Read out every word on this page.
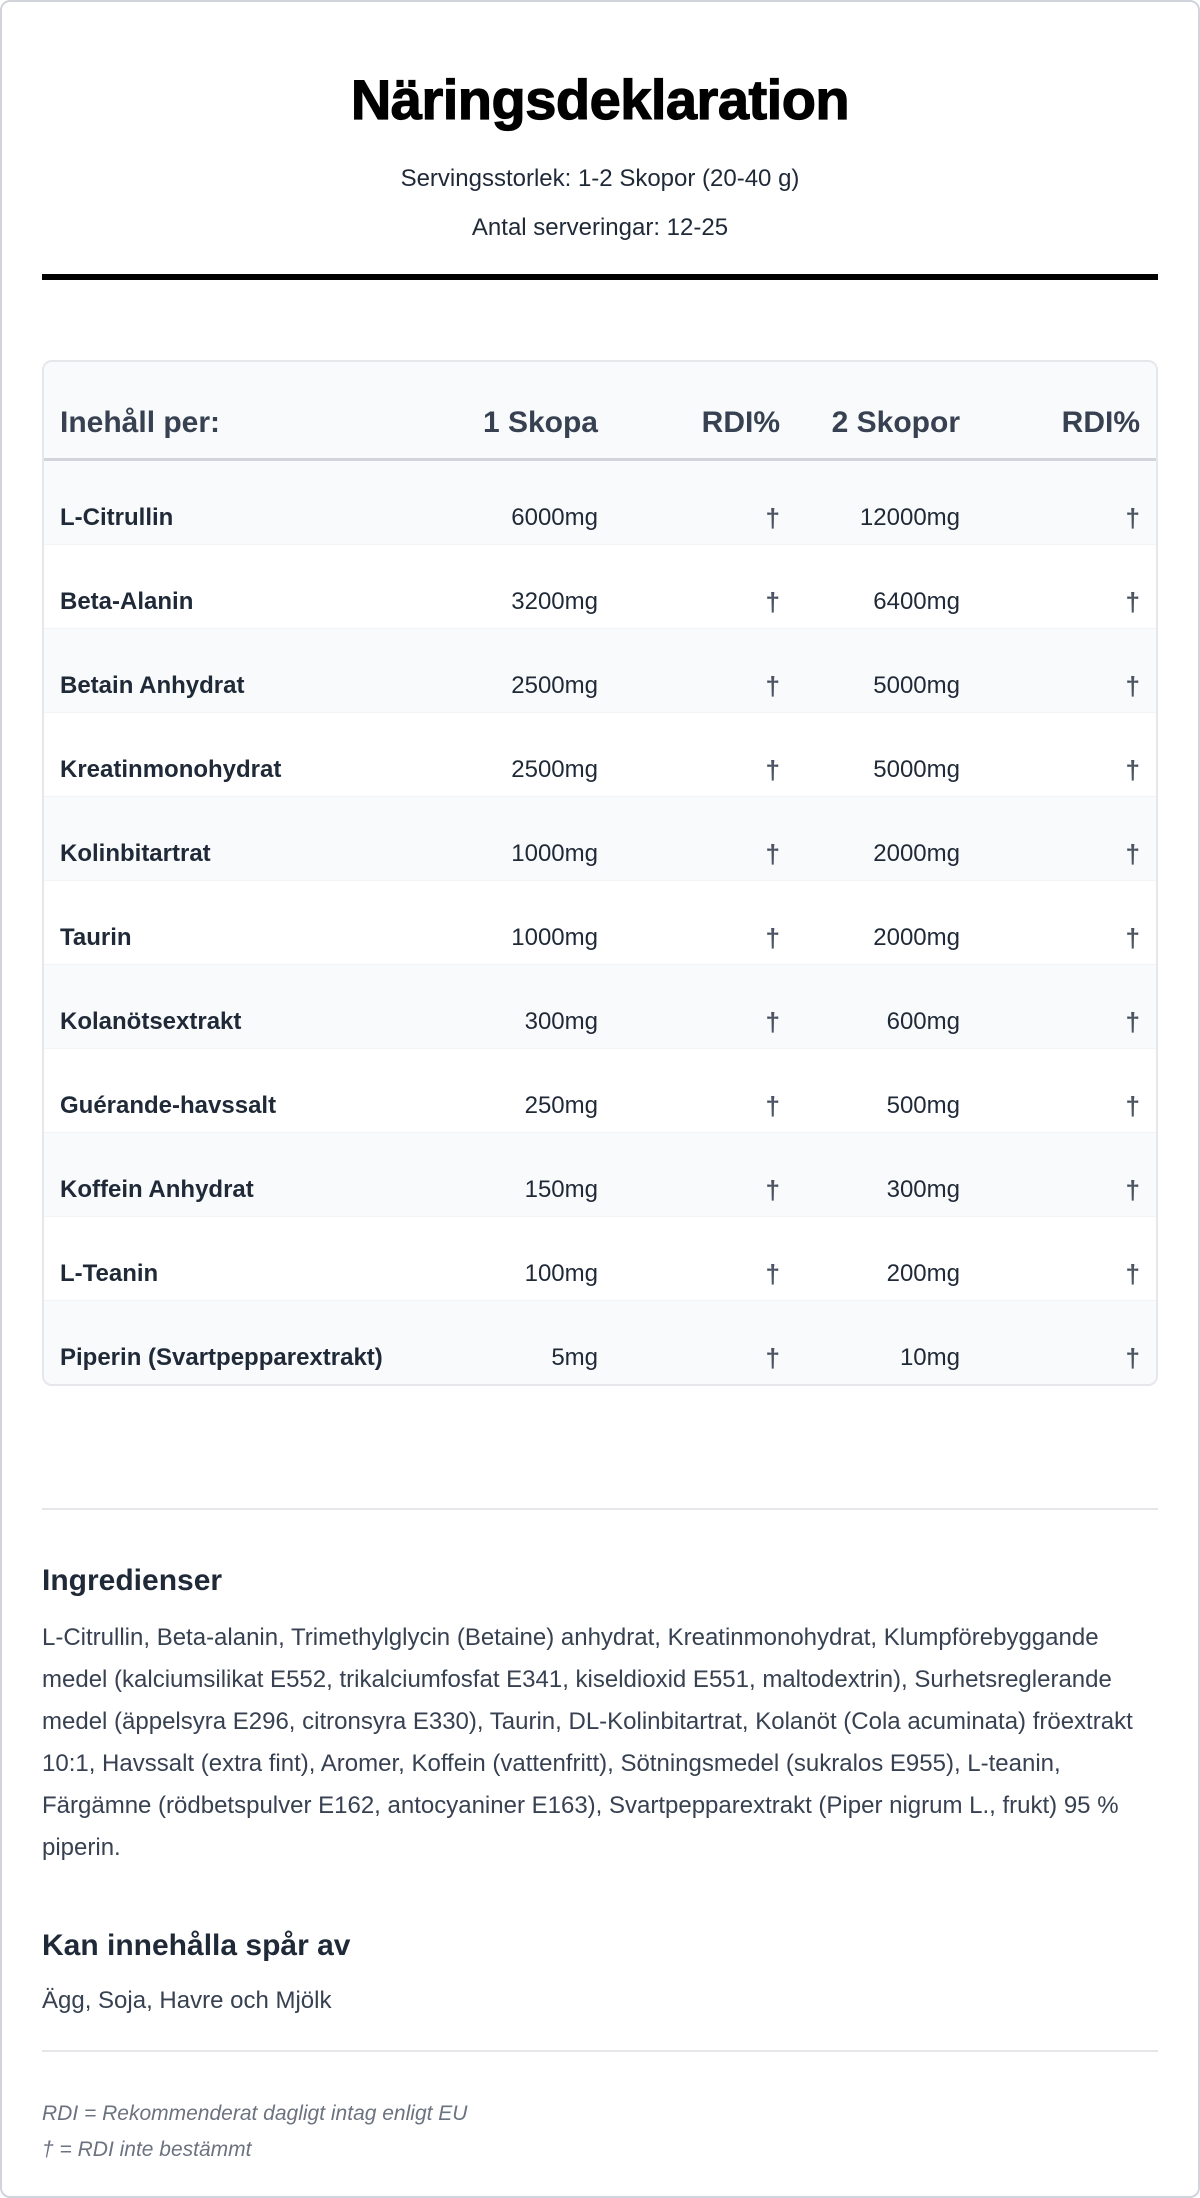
Näringsdeklaration
Servingsstorlek: 1-2 Skopor (20-40 g)
Antal serveringar: 12-25
Inehåll per:	1 Skopa	RDI%	2 Skopor	RDI%
L-Citrullin	6000mg	†	12000mg	†
Beta-Alanin	3200mg	†	6400mg	†
Betain Anhydrat	2500mg	†	5000mg	†
Kreatinmonohydrat	2500mg	†	5000mg	†
Kolinbitartrat	1000mg	†	2000mg	†
Taurin	1000mg	†	2000mg	†
Kolanötsextrakt	300mg	†	600mg	†
Guérande-havssalt	250mg	†	500mg	†
Koffein Anhydrat	150mg	†	300mg	†
L-Teanin	100mg	†	200mg	†
Piperin (Svartpepparextrakt)	5mg	†	10mg	†
Ingredienser

L-Citrullin, Beta-alanin, Trimethylglycin (Betaine) anhydrat, Kreatinmonohydrat, Klumpförebyggande medel (kalciumsilikat E552, trikalciumfosfat E341, kiseldioxid E551, maltodextrin), Surhetsreglerande medel (äppelsyra E296, citronsyra E330), Taurin, DL-Kolinbitartrat, Kolanöt (Cola acuminata) fröextrakt 10:1, Havssalt (extra fint), Aromer, Koffein (vattenfritt), Sötningsmedel (sukralos E955), L-teanin, Färgämne (rödbetspulver E162, antocyaniner E163), Svartpepparextrakt (Piper nigrum L., frukt) 95 % piperin.

Kan innehålla spår av

Ägg, Soja, Havre och Mjölk

RDI = Rekommenderat dagligt intag enligt EU
† = RDI inte bestämmt
